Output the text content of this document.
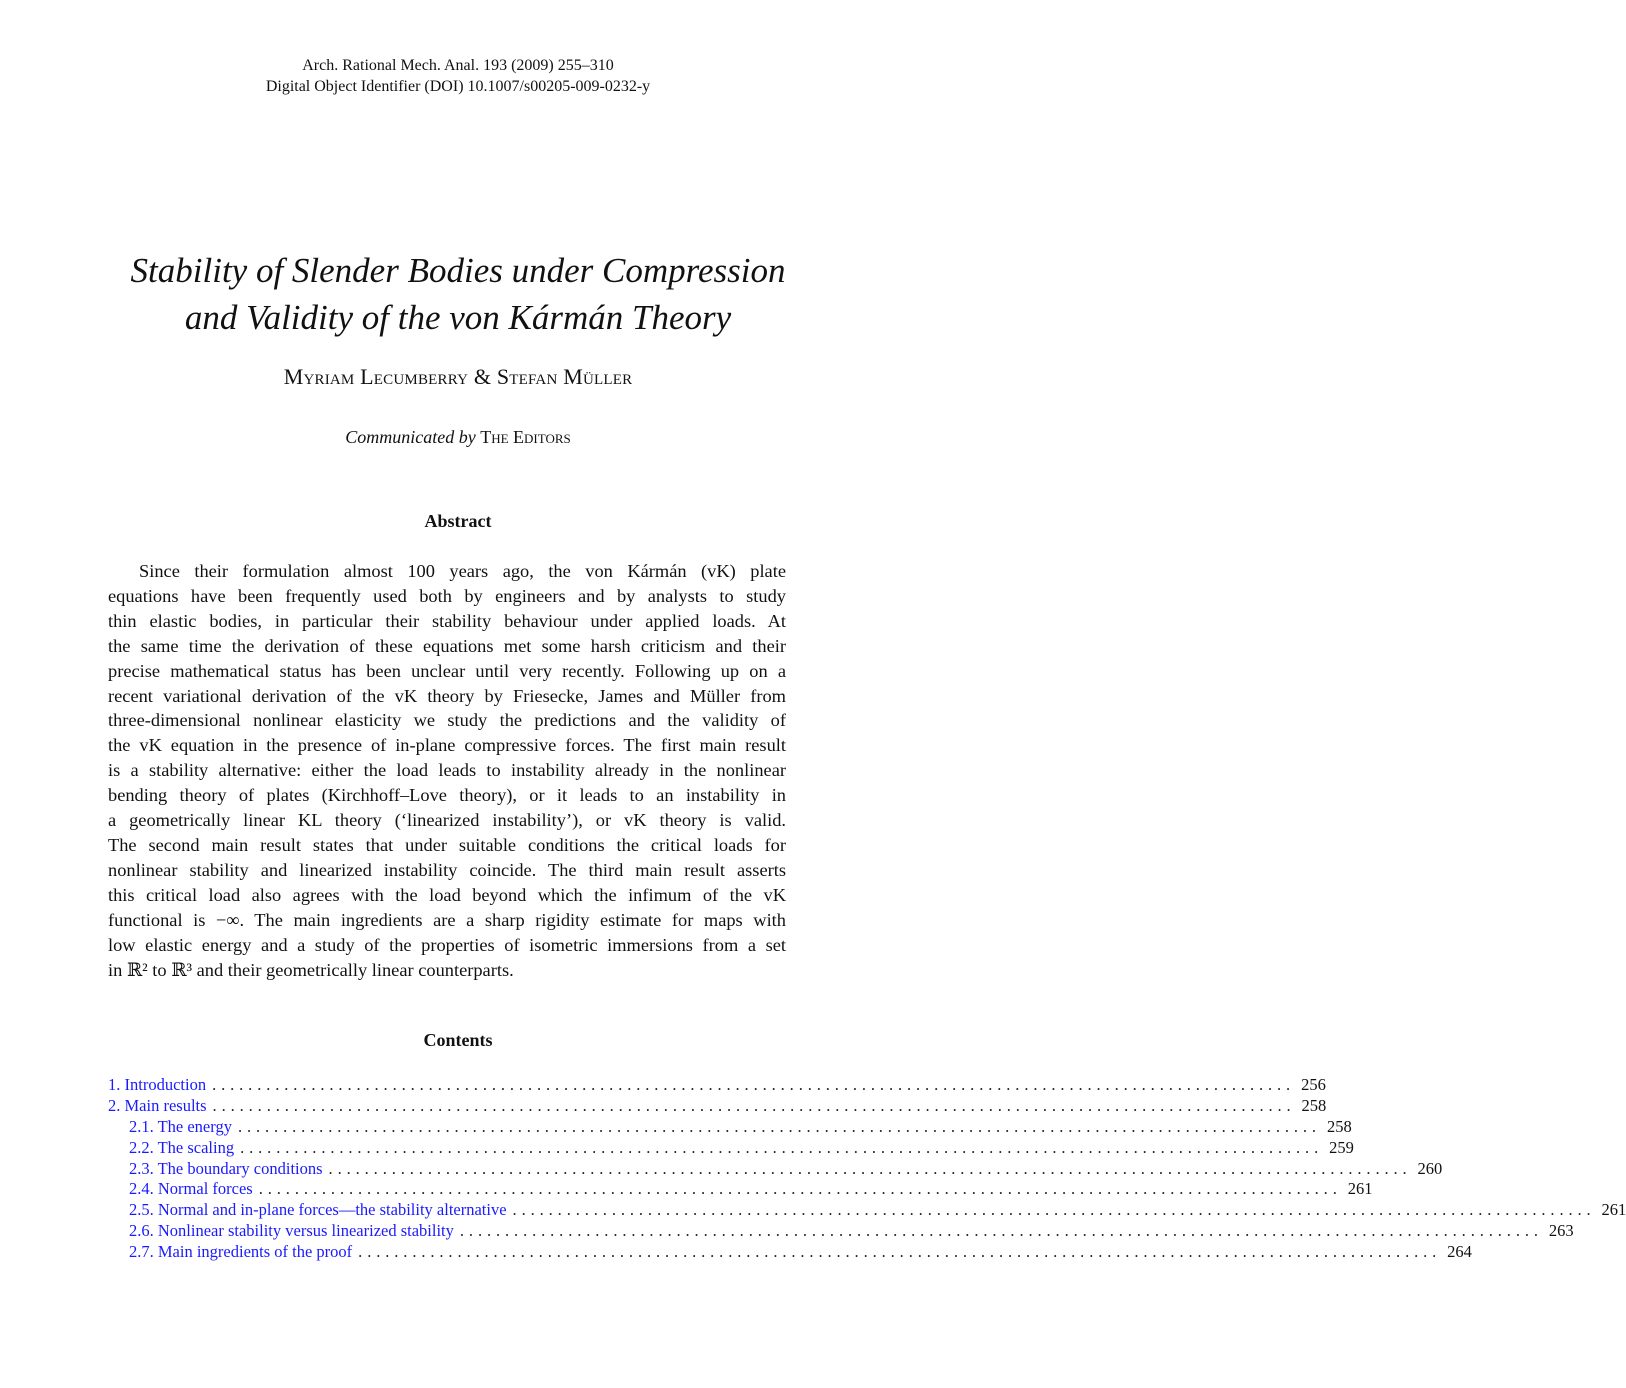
Arch. Rational Mech. Anal. 193 (2009) 255–310
Digital Object Identifier (DOI) 10.1007/s00205-009-0232-y
Stability of Slender Bodies under Compression
and Validity of the von Kármán Theory
Myriam Lecumberry & Stefan Müller
Communicated by The Editors
Abstract
Since their formulation almost 100 years ago, the von Kármán (vK) plate
equations have been frequently used both by engineers and by analysts to study
thin elastic bodies, in particular their stability behaviour under applied loads. At
the same time the derivation of these equations met some harsh criticism and their
precise mathematical status has been unclear until very recently. Following up on a
recent variational derivation of the vK theory by Friesecke, James and Müller from
three-dimensional nonlinear elasticity we study the predictions and the validity of
the vK equation in the presence of in-plane compressive forces. The first main result
is a stability alternative: either the load leads to instability already in the nonlinear
bending theory of plates (Kirchhoff–Love theory), or it leads to an instability in
a geometrically linear KL theory (‘linearized instability’), or vK theory is valid.
The second main result states that under suitable conditions the critical loads for
nonlinear stability and linearized instability coincide. The third main result asserts
this critical load also agrees with the load beyond which the infimum of the vK
functional is −∞. The main ingredients are a sharp rigidity estimate for maps with
low elastic energy and a study of the properties of isometric immersions from a set
in ℝ² to ℝ³ and their geometrically linear counterparts.
Contents
1. Introduction ........................................................................................................................ 256
2. Main results ........................................................................................................................ 258
2.1. The energy ........................................................................................................................ 258
2.2. The scaling ........................................................................................................................ 259
2.3. The boundary conditions ........................................................................................................................ 260
2.4. Normal forces ........................................................................................................................ 261
2.5. Normal and in-plane forces—the stability alternative ........................................................................................................................ 261
2.6. Nonlinear stability versus linearized stability ........................................................................................................................ 263
2.7. Main ingredients of the proof ........................................................................................................................ 264
